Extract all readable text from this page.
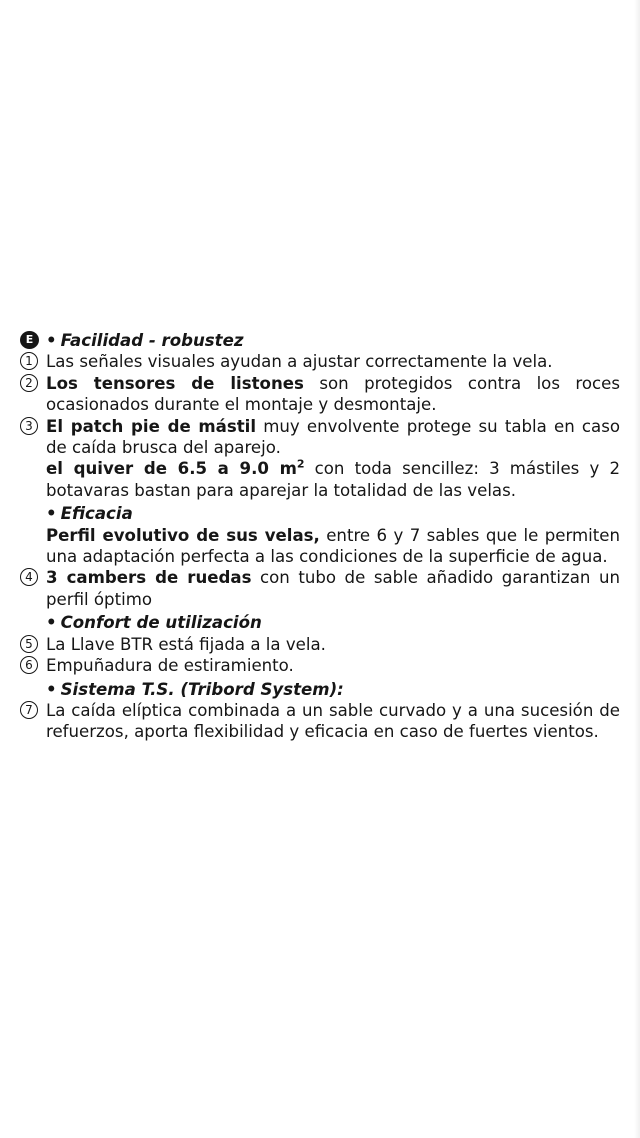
E • Facilidad - robustez
1 Las señales visuales ayudan a ajustar correctamente la vela.
2 Los tensores de listones son protegidos contra los roces ocasionados durante el montaje y desmontaje.
3 El patch pie de mástil muy envolvente protege su tabla en caso de caída brusca del aparejo.
el quiver de 6.5 a 9.0 $m^2$ con toda sencillez: 3 mástiles y 2 botavaras bastan para aparejar la totalidad de las velas.
• Eficacia
Perfil evolutivo de sus velas, entre 6 y 7 sables que le permiten una adaptación perfecta a las condiciones de la superficie de agua.
4 3 cambers de ruedas con tubo de sable añadido garantizan un perfil óptimo
• Confort de utilización
5 La Llave BTR está fijada a la vela.
6 Empuñadura de estiramiento.
• Sistema T.S. (Tribord System):
7 La caída elíptica combinada a un sable curvado y a una sucesión de refuerzos, aporta flexibilidad y eficacia en caso de fuertes vientos.
